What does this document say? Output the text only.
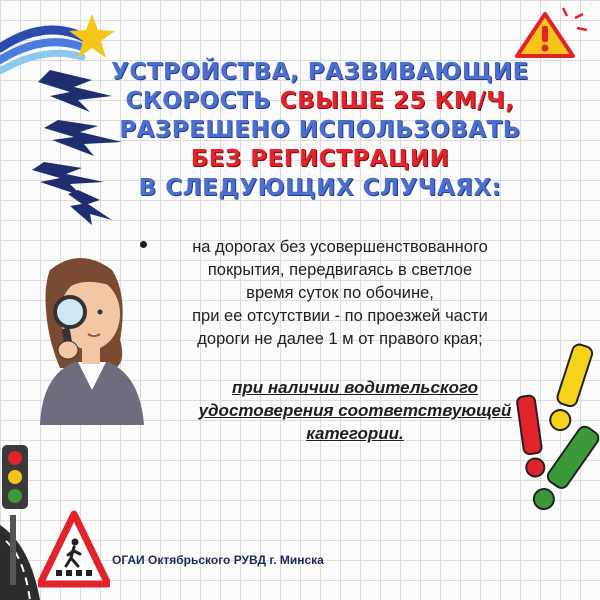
УСТРОЙСТВА, РАЗВИВАЮЩИЕ
СКОРОСТЬ СВЫШЕ 25 КМ/Ч,
РАЗРЕШЕНО ИСПОЛЬЗОВАТЬ
БЕЗ РЕГИСТРАЦИИ
В СЛЕДУЮЩИХ СЛУЧАЯХ:
на дорогах без усовершенствованного
покрытия, передвигаясь в светлое
время суток по обочине,
при ее отсутствии - по проезжей части
дороги не далее 1 м от правого края;
при наличии водительского
удостоверения соответствующей
категории.
ОГАИ Октябрьского РУВД г. Минска
